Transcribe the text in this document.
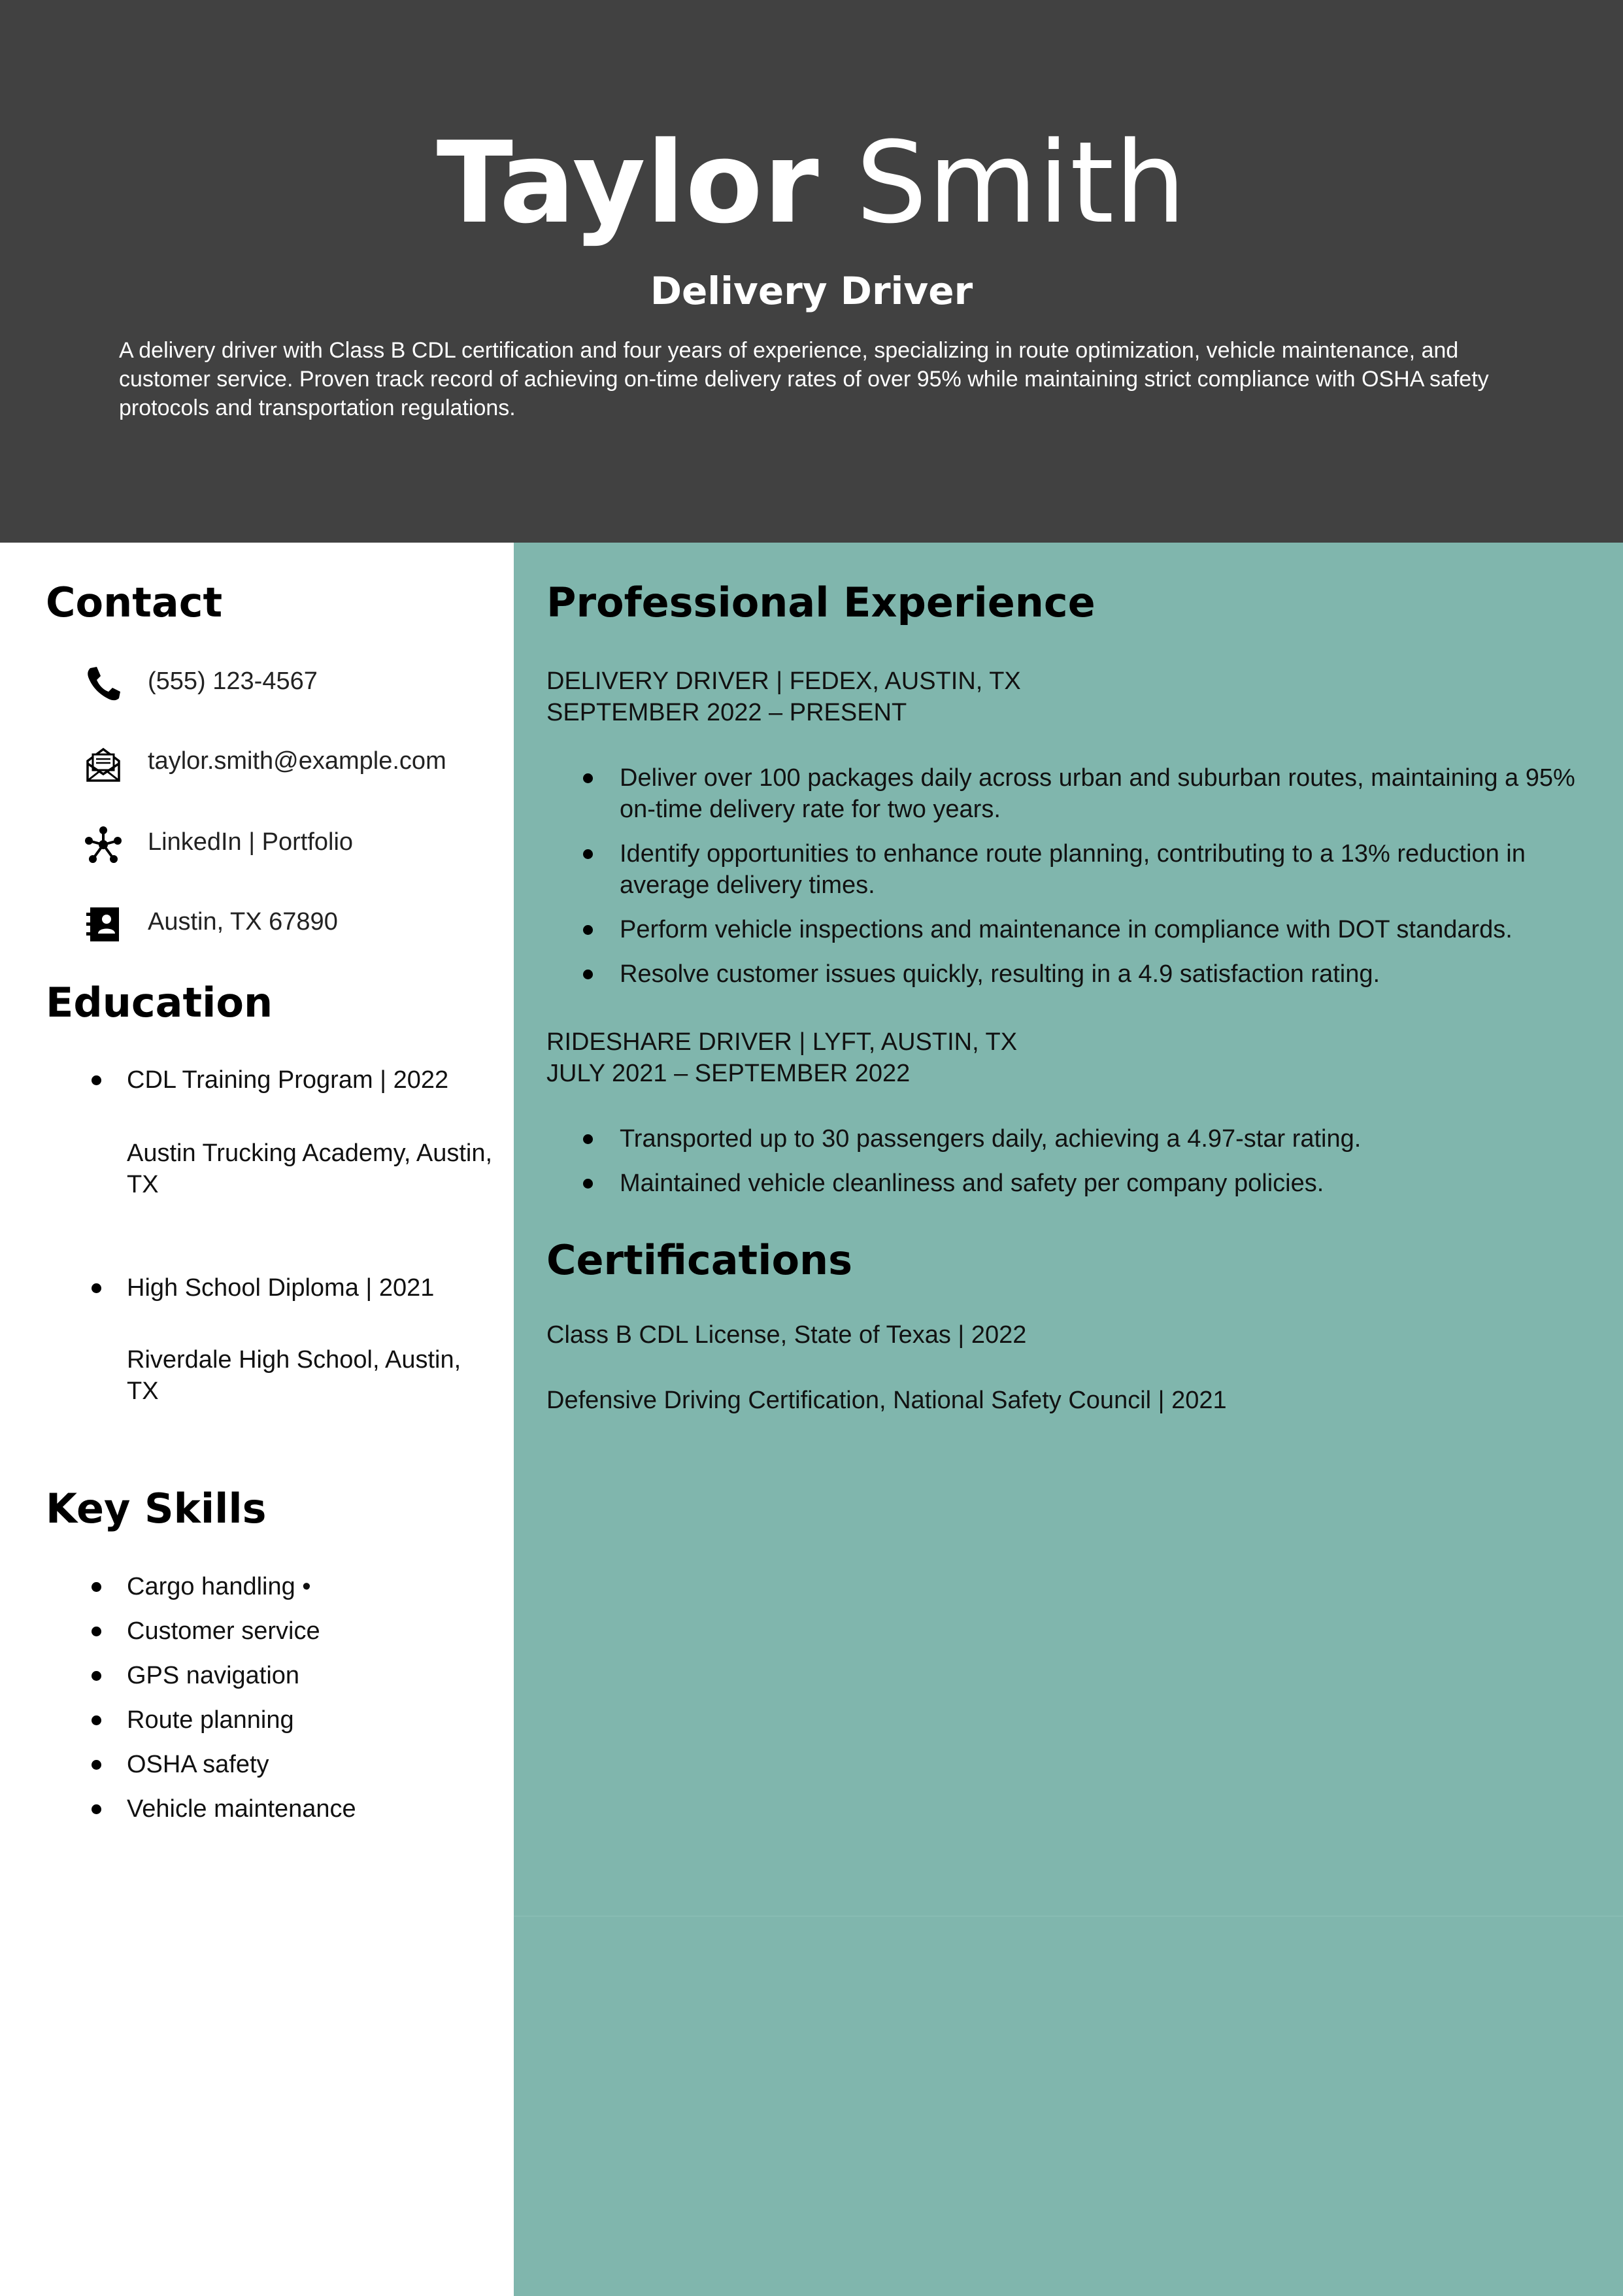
Taylor Smith
Delivery Driver
A delivery driver with Class B CDL certification and four years of experience, specializing in route optimization, vehicle maintenance, and customer service. Proven track record of achieving on-time delivery rates of over 95% while maintaining strict compliance with OSHA safety protocols and transportation regulations.
Contact
(555) 123-4567
taylor.smith@example.com
LinkedIn | Portfolio
Austin, TX 67890
Education
CDL Training Program | 2022
Austin Trucking Academy, Austin, TX
High School Diploma | 2021
Riverdale High School, Austin, TX
Key Skills
Cargo handling •
Customer service
GPS navigation
Route planning
OSHA safety
Vehicle maintenance
Professional Experience
DELIVERY DRIVER | FEDEX, AUSTIN, TX
SEPTEMBER 2022 – PRESENT
Deliver over 100 packages daily across urban and suburban routes, maintaining a 95% on-time delivery rate for two years.
Identify opportunities to enhance route planning, contributing to a 13% reduction in average delivery times.
Perform vehicle inspections and maintenance in compliance with DOT standards.
Resolve customer issues quickly, resulting in a 4.9 satisfaction rating.
RIDESHARE DRIVER | LYFT, AUSTIN, TX
JULY 2021 – SEPTEMBER 2022
Transported up to 30 passengers daily, achieving a 4.97-star rating.
Maintained vehicle cleanliness and safety per company policies.
Certifications
Class B CDL License, State of Texas | 2022
Defensive Driving Certification, National Safety Council | 2021
